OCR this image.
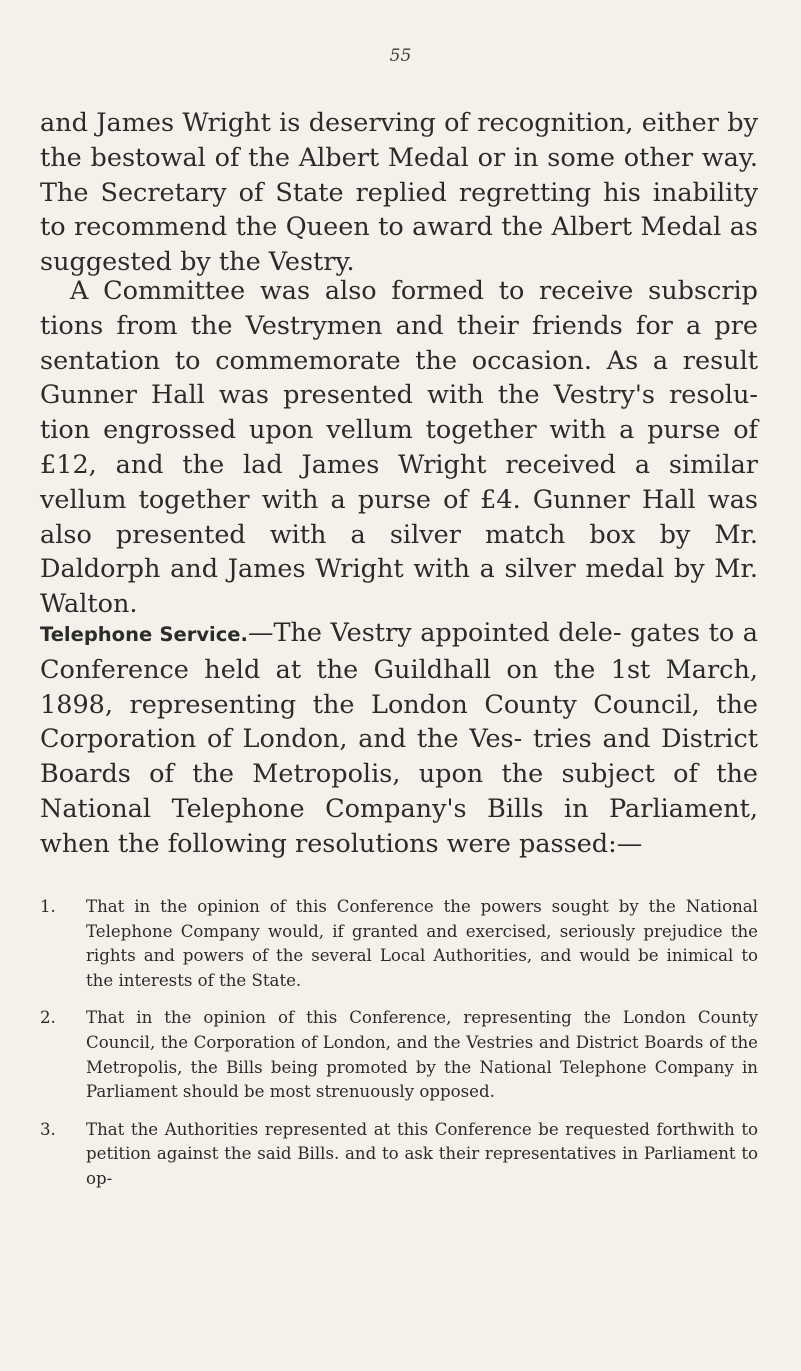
55

and James Wright is deserving of recognition, either by the bestowal of the Albert Medal or in some other way. The Secretary of State replied regretting his inability to recommend the Queen to award the Albert Medal as suggested by the Vestry.

A Committee was also formed to receive subscrip tions from the Vestrymen and their friends for a pre sentation to commemorate the occasion. As a result Gunner Hall was presented with the Vestry's resolu- tion engrossed upon vellum together with a purse of £12, and the lad James Wright received a similar vellum together with a purse of £4. Gunner Hall was also presented with a silver match box by Mr. Daldorph and James Wright with a silver medal by Mr. Walton.

Telephone Service.—The Vestry appointed dele- gates to a Conference held at the Guildhall on the 1st March, 1898, representing the London County Council, the Corporation of London, and the Ves- tries and District Boards of the Metropolis, upon the subject of the National Telephone Company's Bills in Parliament, when the following resolutions were passed:—

1.	That in the opinion of this Conference the powers sought by the National Telephone Company would, if granted and exercised, seriously prejudice the rights and powers of the several Local Authorities, and would be inimical to the interests of the State.
2.	That in the opinion of this Conference, representing the London County Council, the Corporation of London, and the Vestries and District Boards of the Metropolis, the Bills being promoted by the National Telephone Company in Parliament should be most strenuously opposed.
3.	That the Authorities represented at this Conference be requested forthwith to petition against the said Bills. and to ask their representatives in Parliament to op-
